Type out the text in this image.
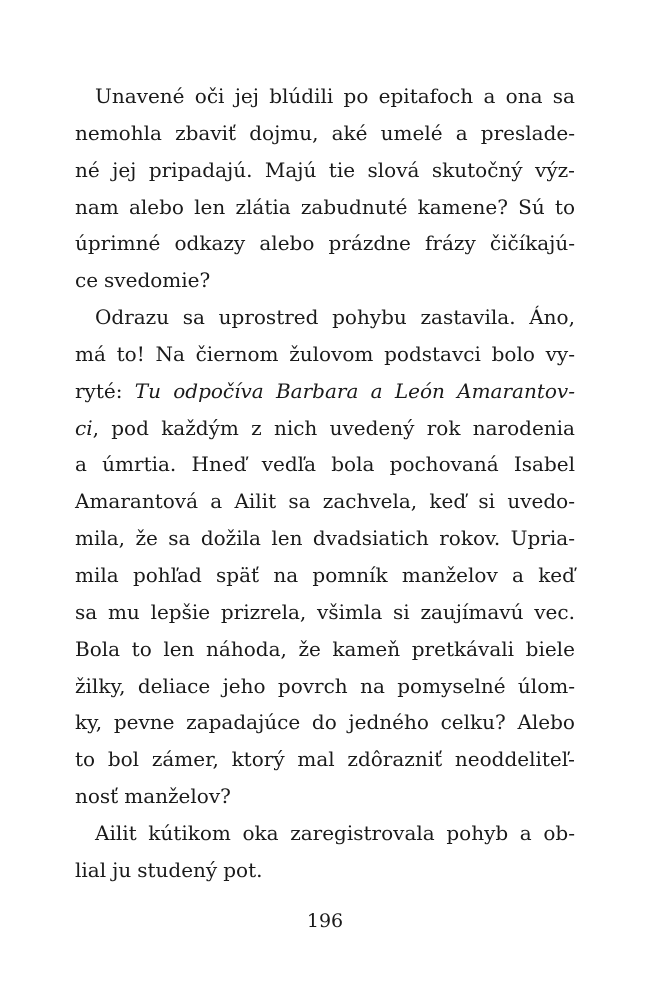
Unavené oči jej blúdili po epitafoch a ona sa
nemohla zbaviť dojmu, aké umelé a preslade-
né jej pripadajú. Majú tie slová skutočný výz-
nam alebo len zlátia zabudnuté kamene? Sú to
úprimné odkazy alebo prázdne frázy čičíkajú-
ce svedomie?
Odrazu sa uprostred pohybu zastavila. Áno,
má to! Na čiernom žulovom podstavci bolo vy-
ryté: Tu odpočíva Barbara a León Amarantov-
ci, pod každým z nich uvedený rok narodenia
a úmrtia. Hneď vedľa bola pochovaná Isabel
Amarantová a Ailit sa zachvela, keď si uvedo-
mila, že sa dožila len dvadsiatich rokov. Upria-
mila pohľad späť na pomník manželov a keď
sa mu lepšie prizrela, všimla si zaujímavú vec.
Bola to len náhoda, že kameň pretkávali biele
žilky, deliace jeho povrch na pomyselné úlom-
ky, pevne zapadajúce do jedného celku? Alebo
to bol zámer, ktorý mal zdôrazniť neoddeliteľ-
nosť manželov?
Ailit kútikom oka zaregistrovala pohyb a ob-
lial ju studený pot.
196
